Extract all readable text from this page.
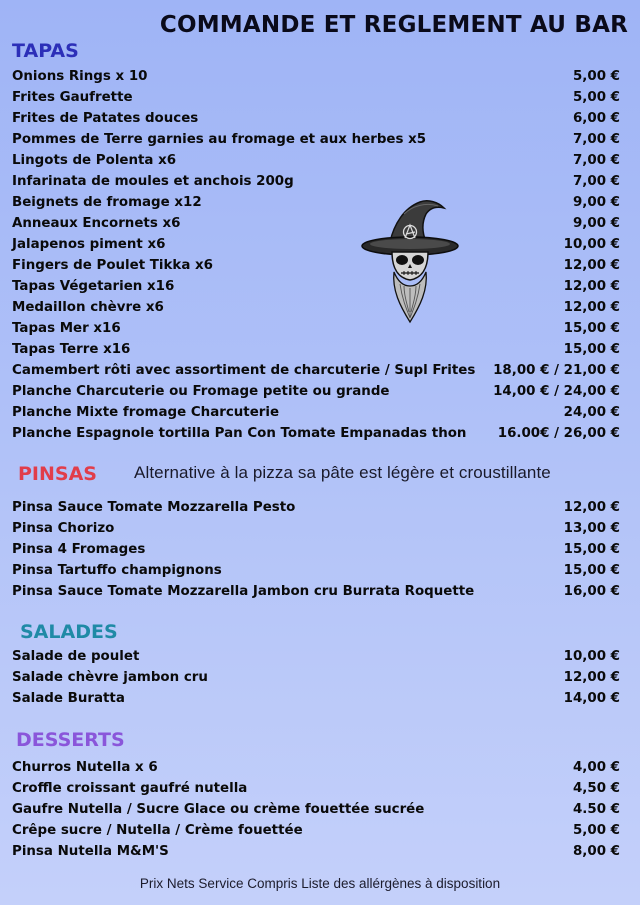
COMMANDE ET REGLEMENT AU BAR
TAPAS
Onions Rings x 10	5,00 €
Frites Gaufrette	5,00 €
Frites de Patates douces	6,00 €
Pommes de Terre garnies au fromage et aux herbes x5	7,00 €
Lingots de Polenta x6	7,00 €
Infarinata de moules et anchois 200g	7,00 €
Beignets de fromage x12	9,00 €
Anneaux Encornets x6	9,00 €
Jalapenos piment x6	10,00 €
Fingers de Poulet Tikka x6	12,00 €
Tapas Végetarien x16	12,00 €
Medaillon chèvre x6	12,00 €
Tapas Mer x16	15,00 €
Tapas Terre x16	15,00 €
Camembert rôti avec assortiment de charcuterie / Supl Frites 18,00 € / 21,00 €
Planche Charcuterie ou Fromage petite ou grande	14,00 € / 24,00 €
Planche Mixte fromage Charcuterie	24,00 €
Planche Espagnole tortilla Pan Con Tomate Empanadas thon 16.00€ / 26,00 €
PINSAS Alternative à la pizza sa pâte est légère et croustillante
Pinsa Sauce Tomate Mozzarella Pesto	12,00 €
Pinsa Chorizo	13,00 €
Pinsa 4 Fromages	15,00 €
Pinsa Tartuffo champignons	15,00 €
Pinsa Sauce Tomate Mozzarella Jambon cru Burrata Roquette	16,00 €
SALADES
Salade de poulet	10,00 €
Salade chèvre jambon cru	12,00 €
Salade Buratta	14,00 €
DESSERTS
Churros Nutella x 6	4,00 €
Croffle croissant gaufré nutella	4,50 €
Gaufre Nutella / Sucre Glace ou crème fouettée sucrée	4.50 €
Crêpe sucre / Nutella / Crème fouettée	5,00 €
Pinsa Nutella M&M'S	8,00 €
Prix Nets Service Compris Liste des allérgènes à disposition
